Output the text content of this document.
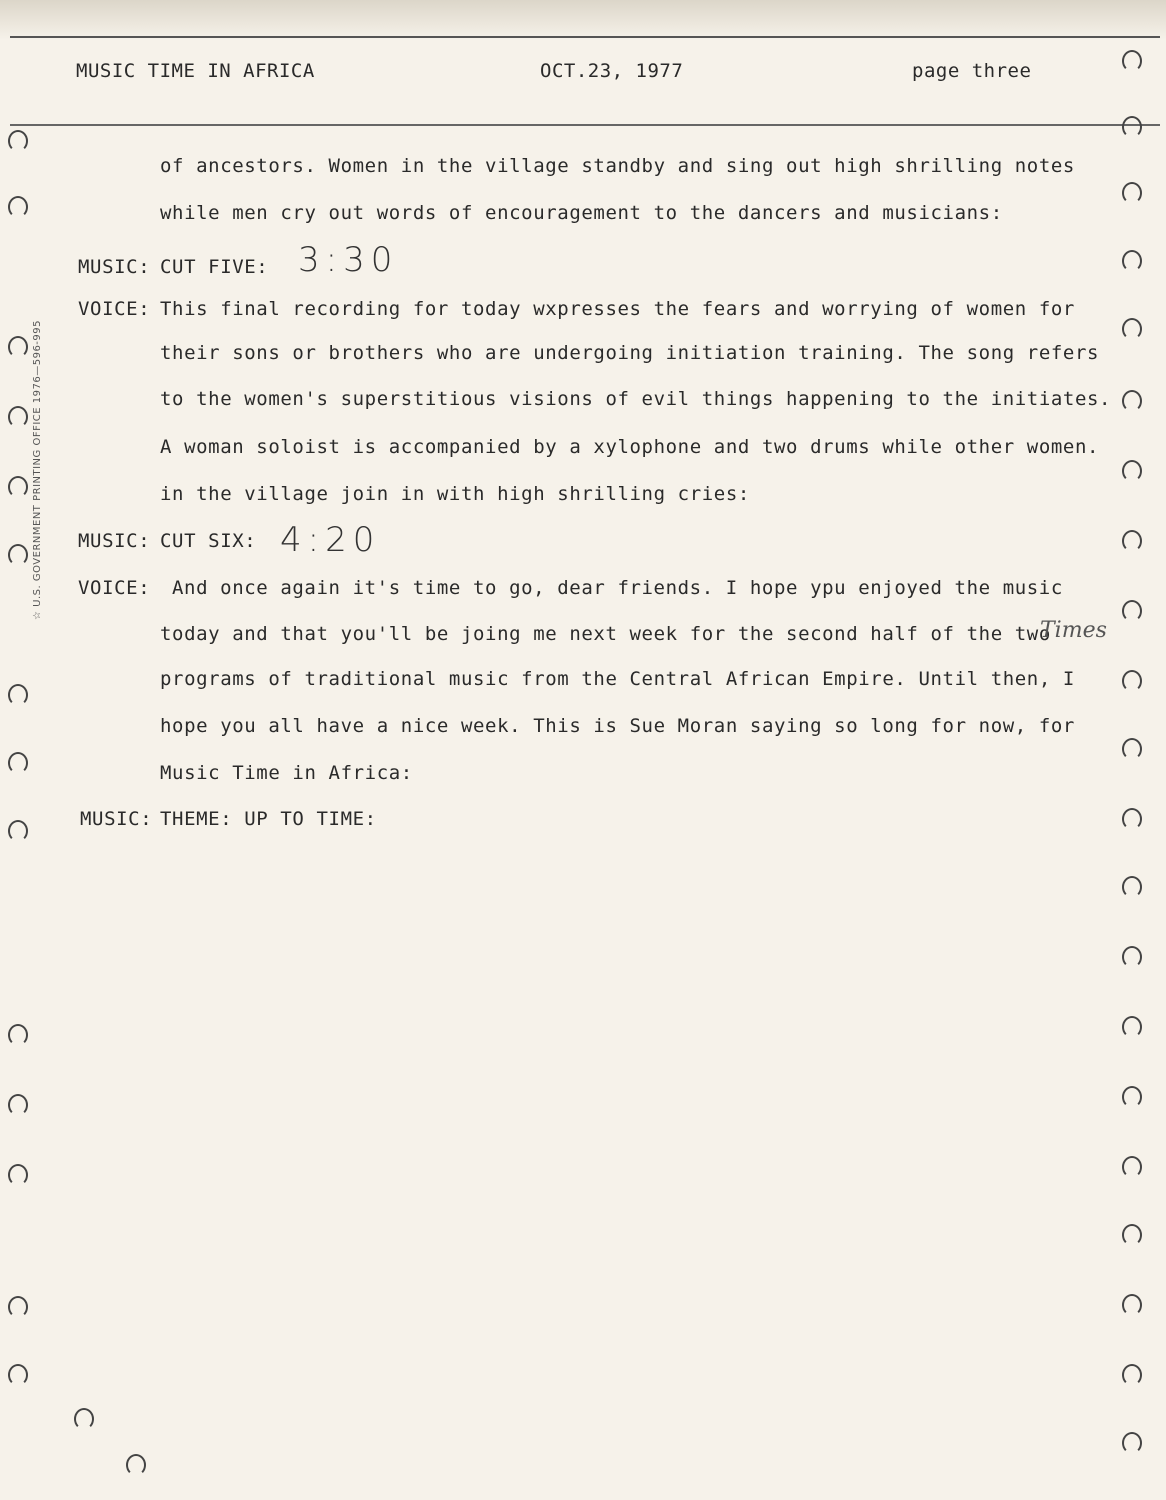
MUSIC TIME IN AFRICA	OCT.23, 1977	page three
of ancestors. Women in the village standby and sing out high shrilling notes
while men cry out words of encouragement to the dancers and musicians:
MUSIC: CUT FIVE: 3:30
VOICE: This final recording for today wxpresses the fears and worrying of women for
their sons or brothers who are undergoing initiation training. The song refers
to the women's superstitious visions of evil things happening to the initiates.
A woman soloist is accompanied by a xylophone and two drums while other women.
in the village join in with high shrilling cries:
MUSIC: CUT SIX: 4:20
VOICE: And once again it's time to go, dear friends. I hope ypu enjoyed the music
today and that you'll be joing me next week for the second half of the two
Times
programs of traditional music from the Central African Empire. Until then, I
hope you all have a nice week. This is Sue Moran saying so long for now, for
Music Time in Africa:
MUSIC: THEME: UP TO TIME:
☆ U.S. GOVERNMENT PRINTING OFFICE 1976—596-995
